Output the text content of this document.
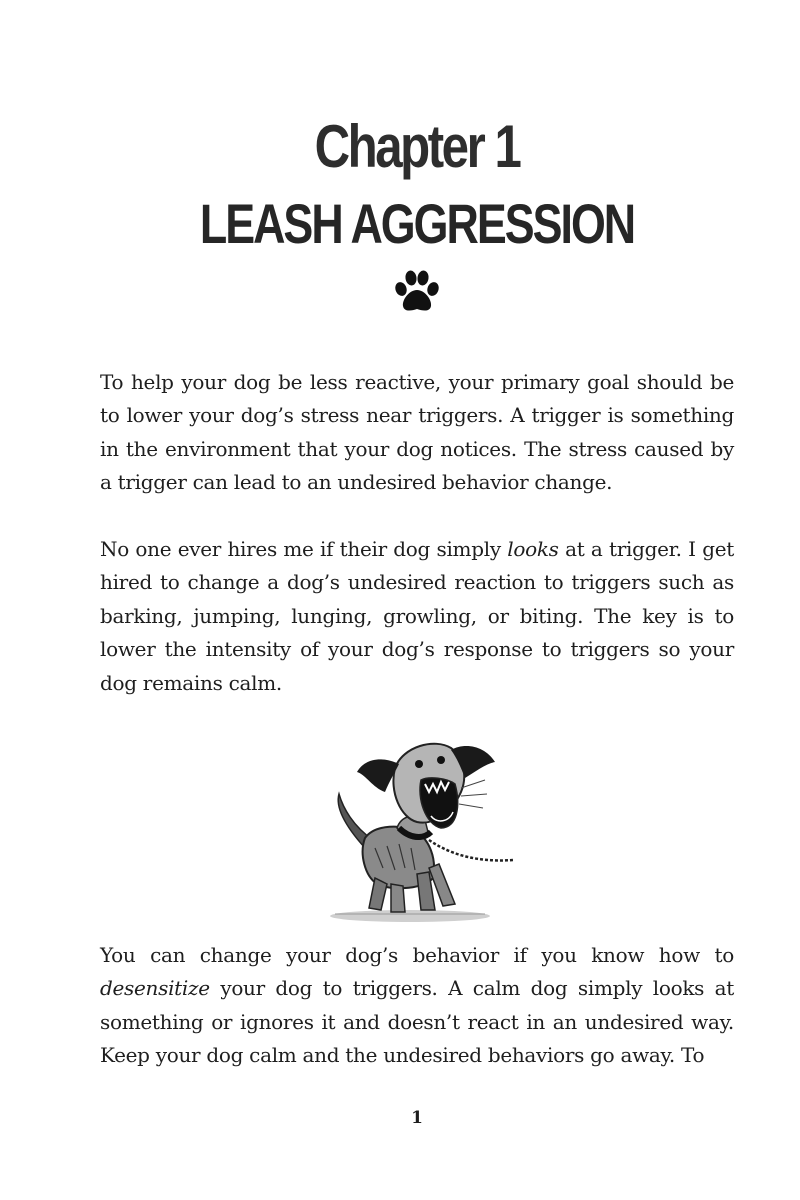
Chapter 1
LEASH AGGRESSION
To help your dog be less reactive, your primary goal should be
to lower your dog’s stress near triggers. A trigger is something
in the environment that your dog notices. The stress caused by
a trigger can lead to an undesired behavior change.
No one ever hires me if their dog simply looks at a trigger. I get
hired to change a dog’s undesired reaction to triggers such as
barking, jumping, lunging, growling, or biting. The key is to
lower the intensity of your dog’s response to triggers so your
dog remains calm.
You can change your dog’s behavior if you know how to
desensitize your dog to triggers. A calm dog simply looks at
something or ignores it and doesn’t react in an undesired way.
Keep your dog calm and the undesired behaviors go away. To
1
